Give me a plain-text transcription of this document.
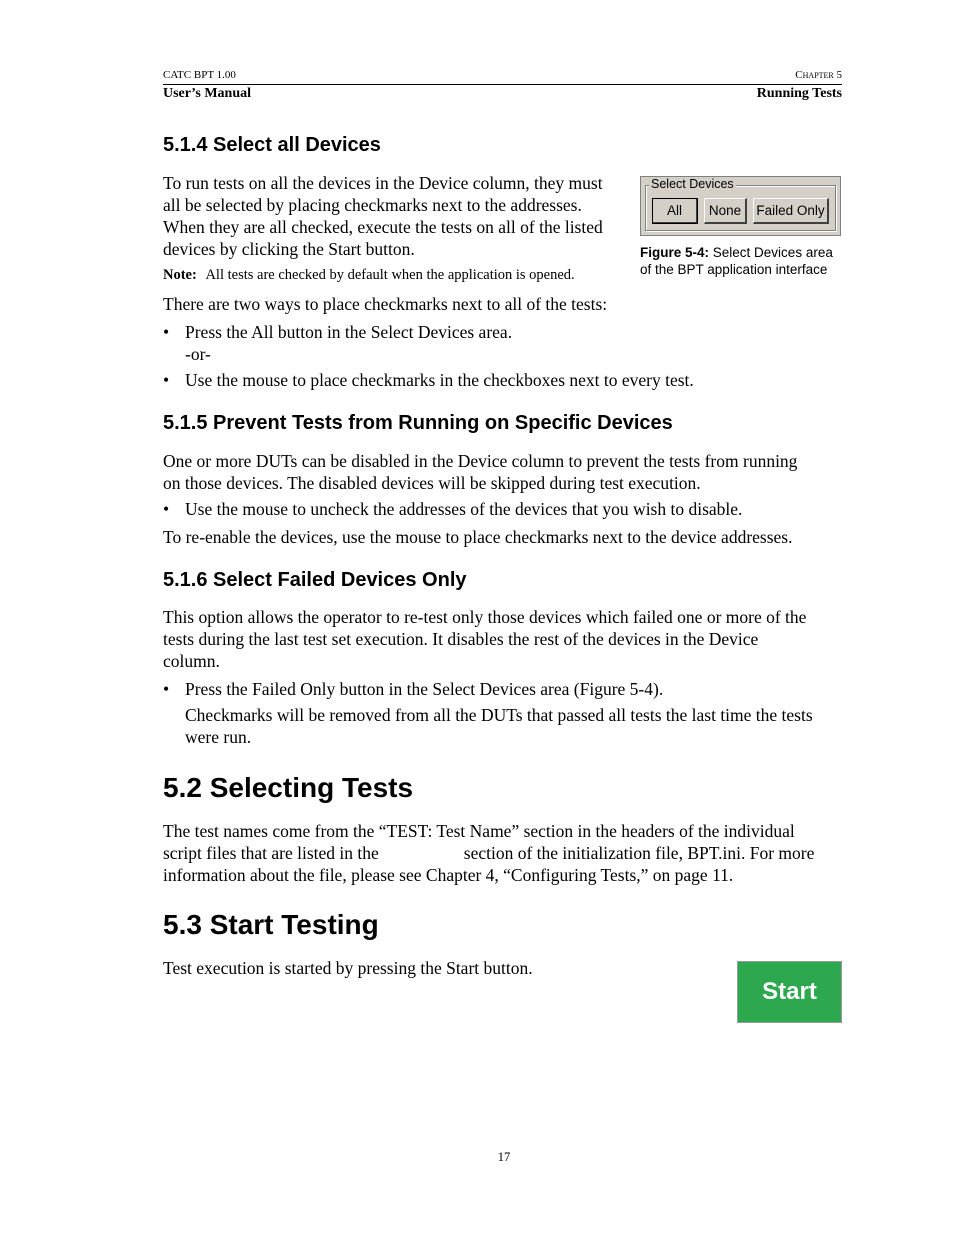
CATC BPT 1.00	Chapter 5
User’s Manual	Running Tests
5.1.4 Select all Devices
To run tests on all the devices in the Device column, they must
all be selected by placing checkmarks next to the addresses.
When they are all checked, execute the tests on all of the listed
devices by clicking the Start button.
Note: All tests are checked by default when the application is opened.
There are two ways to place checkmarks next to all of the tests:
• Press the All button in the Select Devices area.
-or-
• Use the mouse to place checkmarks in the checkboxes next to every test.
Select Devices
All	None	Failed Only
Figure 5-4: Select Devices area
of the BPT application interface
5.1.5 Prevent Tests from Running on Specific Devices
One or more DUTs can be disabled in the Device column to prevent the tests from running
on those devices. The disabled devices will be skipped during test execution.
• Use the mouse to uncheck the addresses of the devices that you wish to disable.
To re-enable the devices, use the mouse to place checkmarks next to the device addresses.
5.1.6 Select Failed Devices Only
This option allows the operator to re-test only those devices which failed one or more of the
tests during the last test set execution. It disables the rest of the devices in the Device
column.
• Press the Failed Only button in the Select Devices area (Figure 5-4).
Checkmarks will be removed from all the DUTs that passed all tests the last time the tests
were run.
5.2 Selecting Tests
The test names come from the “TEST: Test Name” section in the headers of the individual
script files that are listed in the	section of the initialization file, BPT.ini. For more
information about the file, please see Chapter 4, “Configuring Tests,” on page 11.
5.3 Start Testing
Test execution is started by pressing the Start button.
Start
17
